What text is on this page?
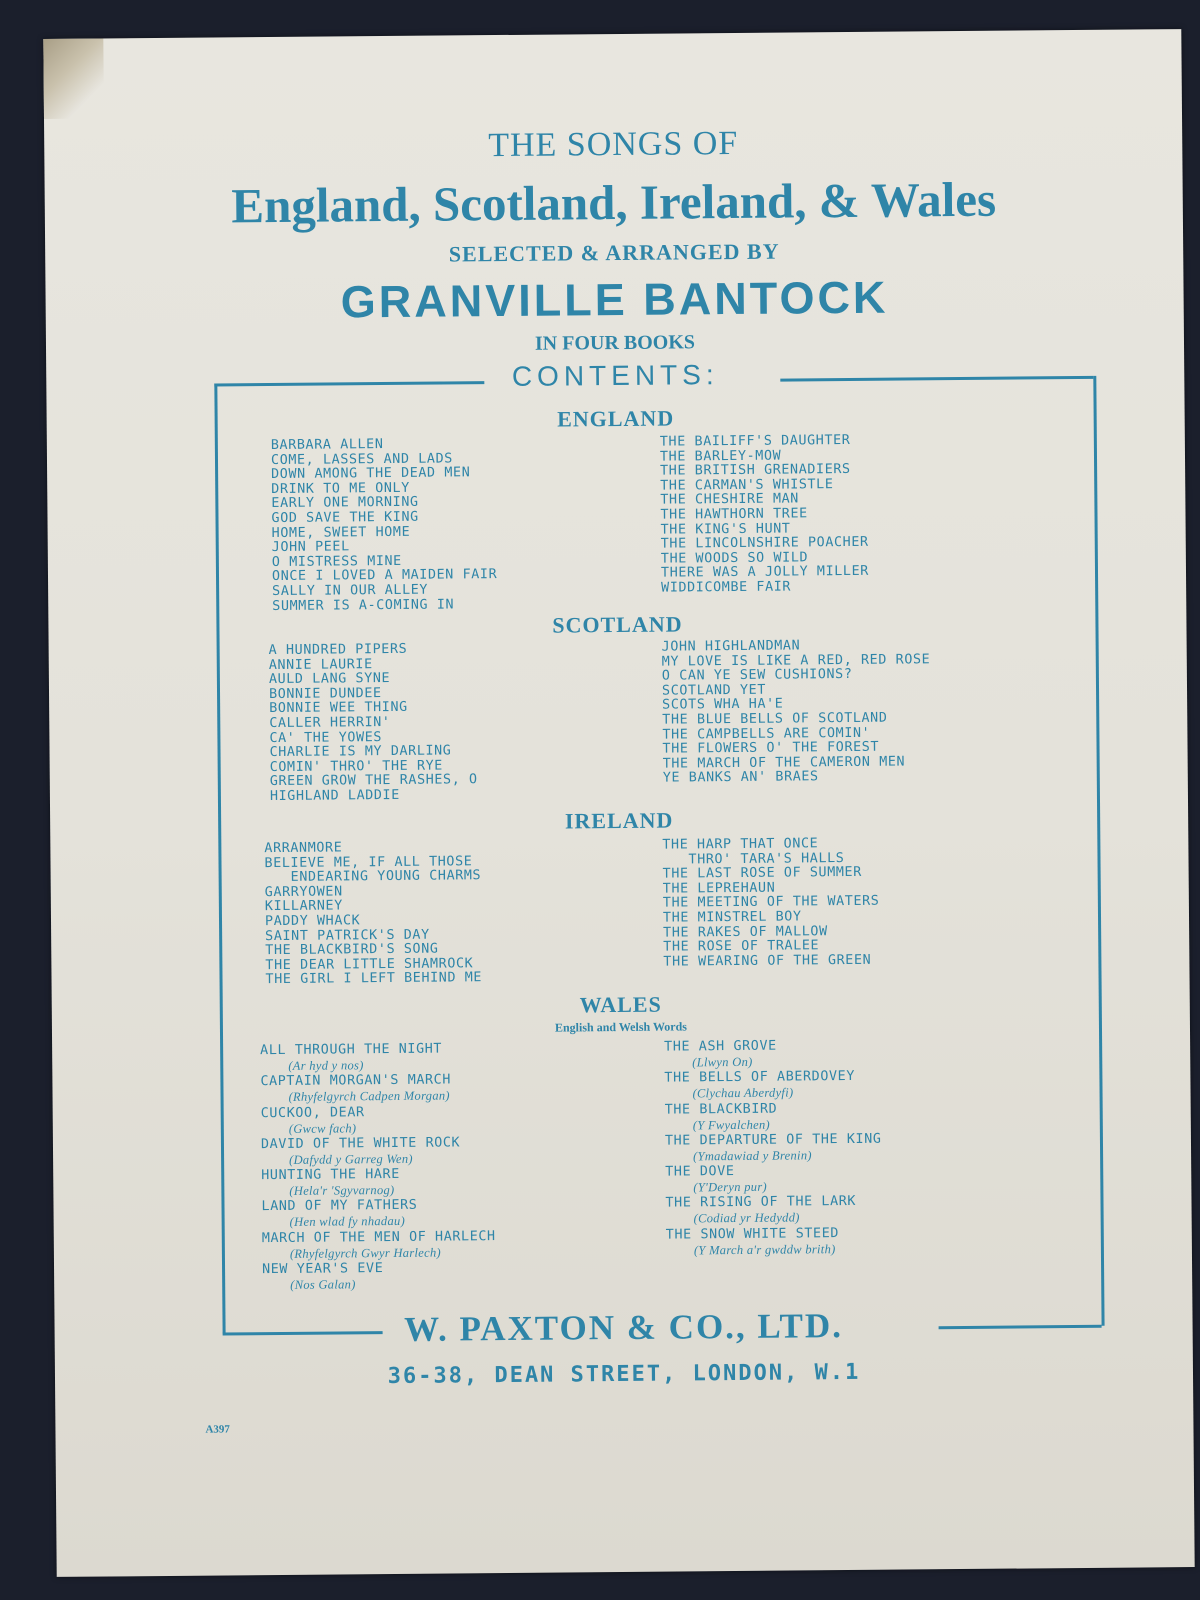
THE SONGS OF
England, Scotland, Ireland, & Wales
SELECTED & ARRANGED BY
GRANVILLE BANTOCK
IN FOUR BOOKS
CONTENTS:
ENGLAND
BARBARA ALLEN
COME, LASSES AND LADS
DOWN AMONG THE DEAD MEN
DRINK TO ME ONLY
EARLY ONE MORNING
GOD SAVE THE KING
HOME, SWEET HOME
JOHN PEEL
O MISTRESS MINE
ONCE I LOVED A MAIDEN FAIR
SALLY IN OUR ALLEY
SUMMER IS A-COMING IN
THE BAILIFF'S DAUGHTER
THE BARLEY-MOW
THE BRITISH GRENADIERS
THE CARMAN'S WHISTLE
THE CHESHIRE MAN
THE HAWTHORN TREE
THE KING'S HUNT
THE LINCOLNSHIRE POACHER
THE WOODS SO WILD
THERE WAS A JOLLY MILLER
WIDDICOMBE FAIR
SCOTLAND
A HUNDRED PIPERS
ANNIE LAURIE
AULD LANG SYNE
BONNIE DUNDEE
BONNIE WEE THING
CALLER HERRIN'
CA' THE YOWES
CHARLIE IS MY DARLING
COMIN' THRO' THE RYE
GREEN GROW THE RASHES, O
HIGHLAND LADDIE
JOHN HIGHLANDMAN
MY LOVE IS LIKE A RED, RED ROSE
O CAN YE SEW CUSHIONS?
SCOTLAND YET
SCOTS WHA HA'E
THE BLUE BELLS OF SCOTLAND
THE CAMPBELLS ARE COMIN'
THE FLOWERS O' THE FOREST
THE MARCH OF THE CAMERON MEN
YE BANKS AN' BRAES
IRELAND
ARRANMORE
BELIEVE ME, IF ALL THOSE
ENDEARING YOUNG CHARMS
GARRYOWEN
KILLARNEY
PADDY WHACK
SAINT PATRICK'S DAY
THE BLACKBIRD'S SONG
THE DEAR LITTLE SHAMROCK
THE GIRL I LEFT BEHIND ME
THE HARP THAT ONCE
THRO' TARA'S HALLS
THE LAST ROSE OF SUMMER
THE LEPREHAUN
THE MEETING OF THE WATERS
THE MINSTREL BOY
THE RAKES OF MALLOW
THE ROSE OF TRALEE
THE WEARING OF THE GREEN
WALES
English and Welsh Words
ALL THROUGH THE NIGHT
(Ar hyd y nos)
CAPTAIN MORGAN'S MARCH
(Rhyfelgyrch Cadpen Morgan)
CUCKOO, DEAR
(Gwcw fach)
DAVID OF THE WHITE ROCK
(Dafydd y Garreg Wen)
HUNTING THE HARE
(Hela'r 'Sgyvarnog)
LAND OF MY FATHERS
(Hen wlad fy nhadau)
MARCH OF THE MEN OF HARLECH
(Rhyfelgyrch Gwyr Harlech)
NEW YEAR'S EVE
(Nos Galan)
THE ASH GROVE
(Llwyn On)
THE BELLS OF ABERDOVEY
(Clychau Aberdyfi)
THE BLACKBIRD
(Y Fwyalchen)
THE DEPARTURE OF THE KING
(Ymadawiad y Brenin)
THE DOVE
(Y'Deryn pur)
THE RISING OF THE LARK
(Codiad yr Hedydd)
THE SNOW WHITE STEED
(Y March a'r gwddw brith)
W. PAXTON & CO., LTD.
36-38, DEAN STREET, LONDON, W.1
A397
